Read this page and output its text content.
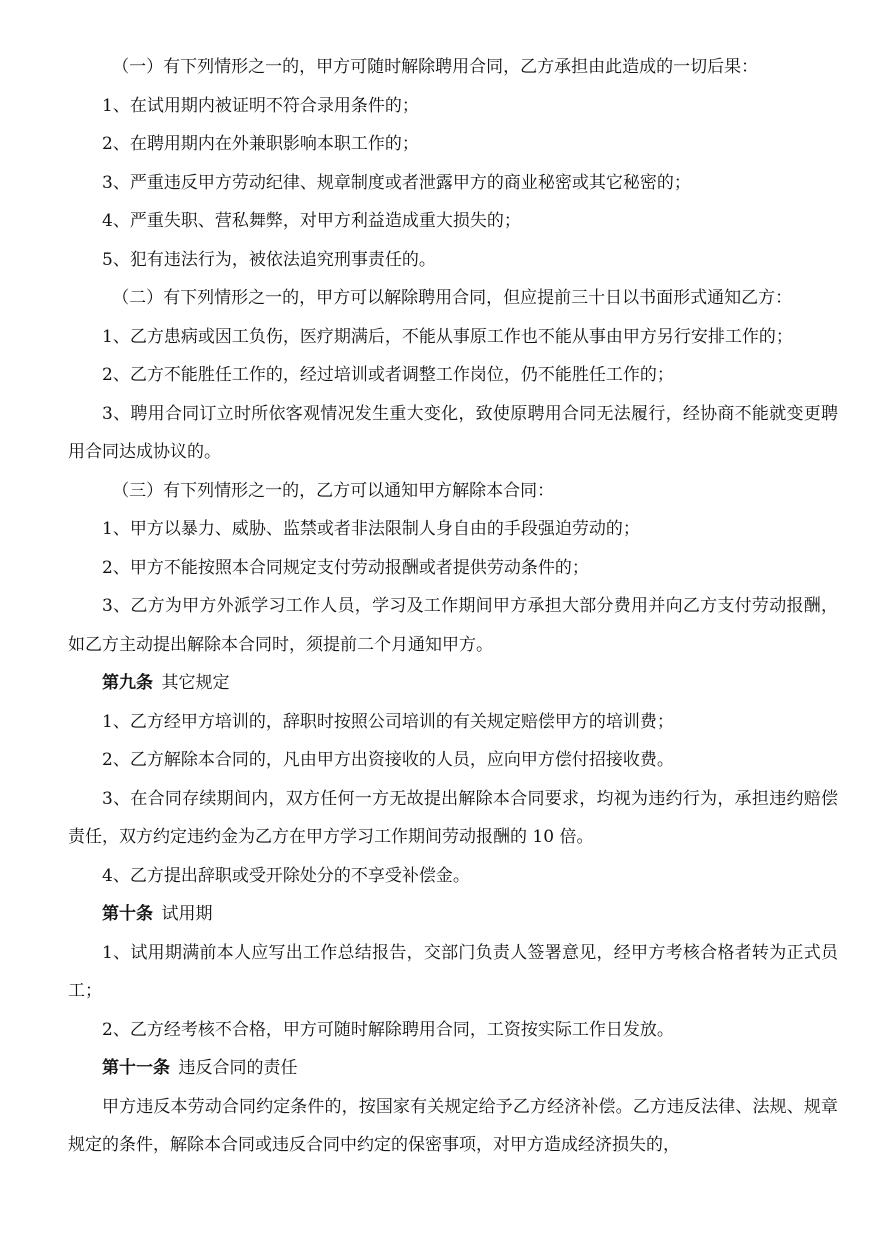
（一）有下列情形之一的，甲方可随时解除聘用合同，乙方承担由此造成的一切后果：

1、在试用期内被证明不符合录用条件的；

2、在聘用期内在外兼职影响本职工作的；

3、严重违反甲方劳动纪律、规章制度或者泄露甲方的商业秘密或其它秘密的；

4、严重失职、营私舞弊，对甲方利益造成重大损失的；

5、犯有违法行为，被依法追究刑事责任的。

（二）有下列情形之一的，甲方可以解除聘用合同，但应提前三十日以书面形式通知乙方：

1、乙方患病或因工负伤，医疗期满后，不能从事原工作也不能从事由甲方另行安排工作的；

2、乙方不能胜任工作的，经过培训或者调整工作岗位，仍不能胜任工作的；

3、聘用合同订立时所依客观情况发生重大变化，致使原聘用合同无法履行，经协商不能就变更聘用合同达成协议的。

（三）有下列情形之一的，乙方可以通知甲方解除本合同：

1、甲方以暴力、威胁、监禁或者非法限制人身自由的手段强迫劳动的；

2、甲方不能按照本合同规定支付劳动报酬或者提供劳动条件的；

3、乙方为甲方外派学习工作人员，学习及工作期间甲方承担大部分费用并向乙方支付劳动报酬，如乙方主动提出解除本合同时，须提前二个月通知甲方。

第九条 其它规定

1、乙方经甲方培训的，辞职时按照公司培训的有关规定赔偿甲方的培训费；

2、乙方解除本合同的，凡由甲方出资接收的人员，应向甲方偿付招接收费。

3、在合同存续期间内，双方任何一方无故提出解除本合同要求，均视为违约行为，承担违约赔偿责任，双方约定违约金为乙方在甲方学习工作期间劳动报酬的 10 倍。

4、乙方提出辞职或受开除处分的不享受补偿金。

第十条 试用期

1、试用期满前本人应写出工作总结报告，交部门负责人签署意见，经甲方考核合格者转为正式员工；

2、乙方经考核不合格，甲方可随时解除聘用合同，工资按实际工作日发放。

第十一条 违反合同的责任

甲方违反本劳动合同约定条件的，按国家有关规定给予乙方经济补偿。乙方违反法律、法规、规章规定的条件，解除本合同或违反合同中约定的保密事项，对甲方造成经济损失的，
